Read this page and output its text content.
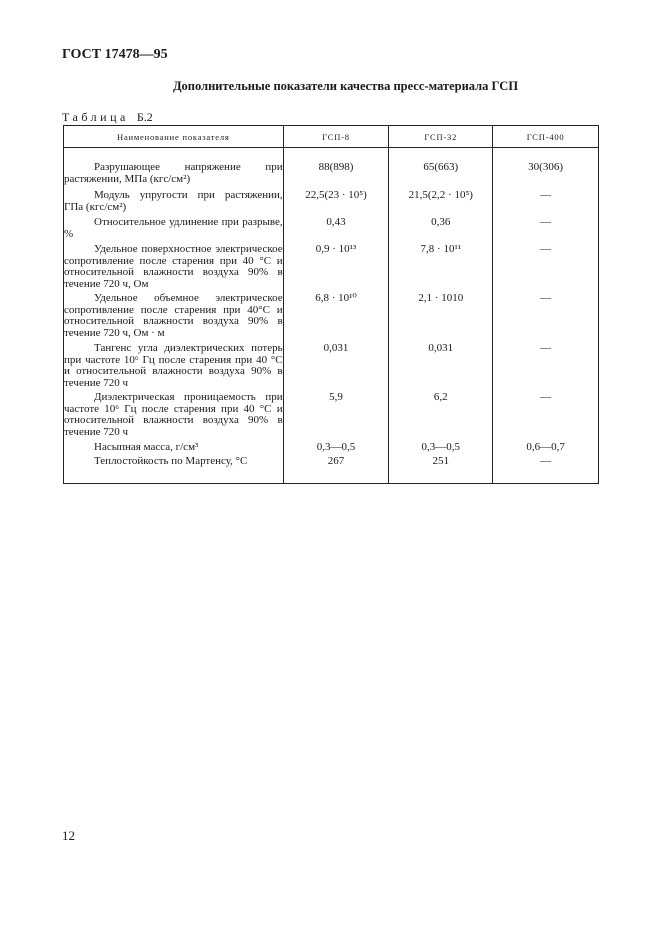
ГОСТ 17478—95
Дополнительные показатели качества пресс-материала ГСП
Таблица Б.2
Наименование показателя	ГСП-8	ГСП-32	ГСП-400

Разрушающее напряжение при растяжении, МПа (кгс/см²)	88(898)	65(663)	30(306)

Модуль упругости при растяжении, ГПа (кгс/см²)	22,5(23 · 10⁵)	21,5(2,2 · 10⁵)	—

Относительное удлинение при разрыве, %	0,43	0,36	—

Удельное поверхностное электрическое сопротивление после старения при 40 °С и относительной влажности воздуха 90% в течение 720 ч, Ом	0,9 · 10¹³	7,8 · 10¹¹	—

Удельное объемное электрическое сопротивление после старения при 40°С и относительной влажности воздуха 90% в течение 720 ч, Ом · м	6,8 · 10¹⁰	2,1 · 1010	—

Тангенс угла диэлектрических потерь при частоте 10⁶ Гц после старения при 40 °С и относительной влажности воздуха 90% в течение 720 ч	0,031	0,031	—

Диэлектрическая проницаемость при частоте 10⁶ Гц после старения при 40 °С и относительной влажности воздуха 90% в течение 720 ч	5,9	6,2	—

Насыпная масса, г/см³	0,3—0,5	0,3—0,5	0,6—0,7

Теплостойкость по Мартенсу, °С	267	251	—
12
